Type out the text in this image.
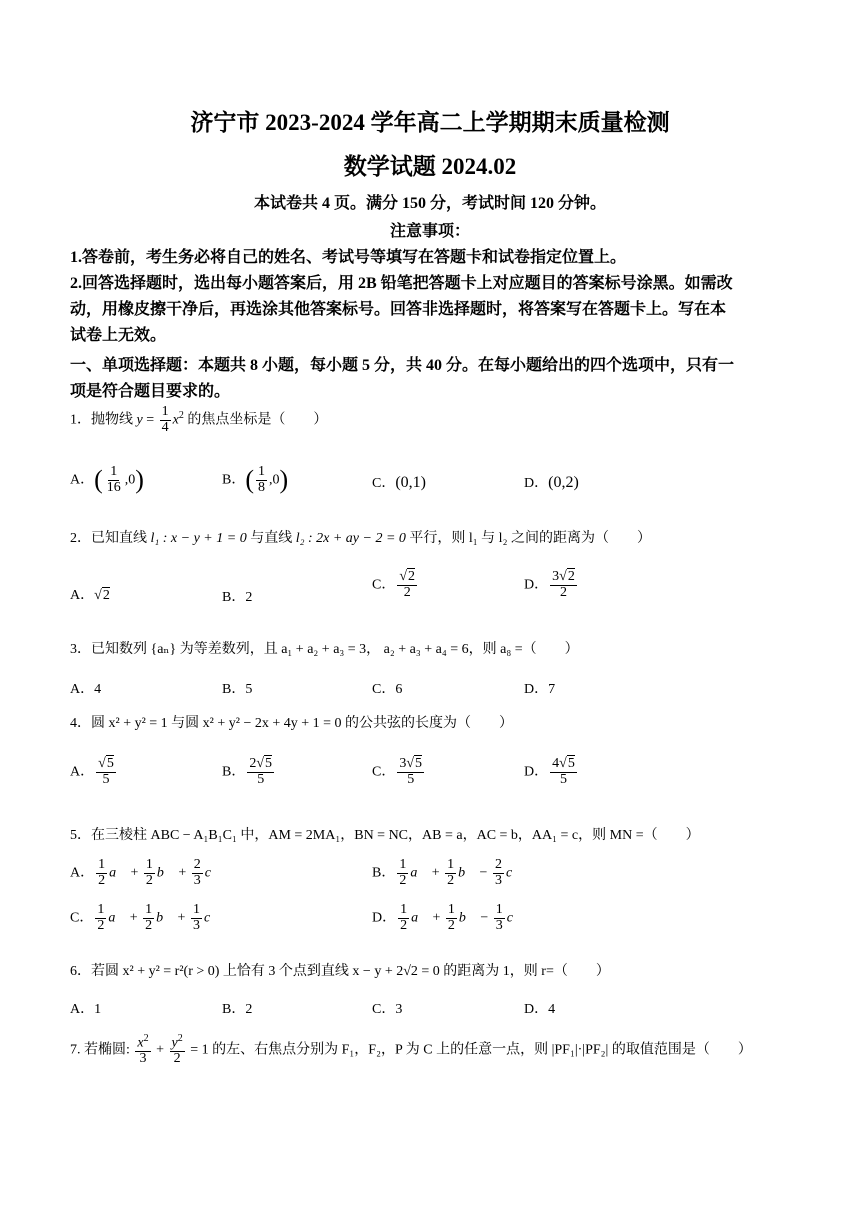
济宁市 2023-2024 学年高二上学期期末质量检测
数学试题 2024.02
本试卷共 4 页。满分 150 分，考试时间 120 分钟。
注意事项：
1.答卷前，考生务必将自己的姓名、考试号等填写在答题卡和试卷指定位置上。
2.回答选择题时，选出每小题答案后，用 2B 铅笔把答题卡上对应题目的答案标号涂黑。如需改
动，用橡皮擦干净后，再选涂其他答案标号。回答非选择题时，将答案写在答题卡上。写在本
试卷上无效。
一、单项选择题：本题共 8 小题，每小题 5 分，共 40 分。在每小题给出的四个选项中，只有一
项是符合题目要求的。
1．抛物线 $y = \frac{1}{4} x^2$ 的焦点坐标是（　　）
A．( $\frac{1}{16} ,0$)	B．( $\frac{1}{8} ,0$)	C．(0,1)	D．(0,2)
2．已知直线 l₁ : x − y + 1 = 0 与直线 l₂ : 2x + ay − 2 = 0 平行，则 l₁ 与 l₂ 之间的距离为（　　）
A．√2	B．2
C． $\frac{√2}{2}$	D． $\frac{3√2}{2}$
3．已知数列 {aₙ} 为等差数列，且 a₁ + a₂ + a₃ = 3， a₂ + a₃ + a₄ = 6，则 a₈ =（　　）
A．4	B．5	C．6	D．7
4．圆 x² + y² = 1 与圆 x² + y² − 2x + 4y + 1 = 0 的公共弦的长度为（　　）
A． $\frac{√5}{5}$	B． $\frac{2√5}{5}$	C． $\frac{3√5}{5}$	D． $\frac{4√5}{5}$
5．在三棱柱 ABC − A₁B₁C₁ 中，AM = 2MA₁，BN = NC，AB = a，AC = b，AA₁ = c，则 MN =（　　）
A． $\frac{1}{2}$ a⃗ + $\frac{1}{2}$ b⃗ + $\frac{2}{3}$ c⃗	B． $\frac{1}{2}$ a⃗ + $\frac{1}{2}$ b⃗ − $\frac{2}{3}$ c⃗
C． $\frac{1}{2}$ a⃗ + $\frac{1}{2}$ b⃗ + $\frac{1}{3}$ c⃗	D． $\frac{1}{2}$ a⃗ + $\frac{1}{2}$ b⃗ − $\frac{1}{3}$ c⃗
6．若圆 x² + y² = r²(r > 0) 上恰有 3 个点到直线 x − y + 2√2 = 0 的距离为 1，则 r=（　　）
A．1	B．2	C．3	D．4
7. 若椭圆: $\frac{x^2}{3} + \frac{y^2}{2} = 1$ 的左、右焦点分别为 F₁，F₂，P 为 C 上的任意一点，则 |PF₁|·|PF₂| 的取值范围是（　　）
